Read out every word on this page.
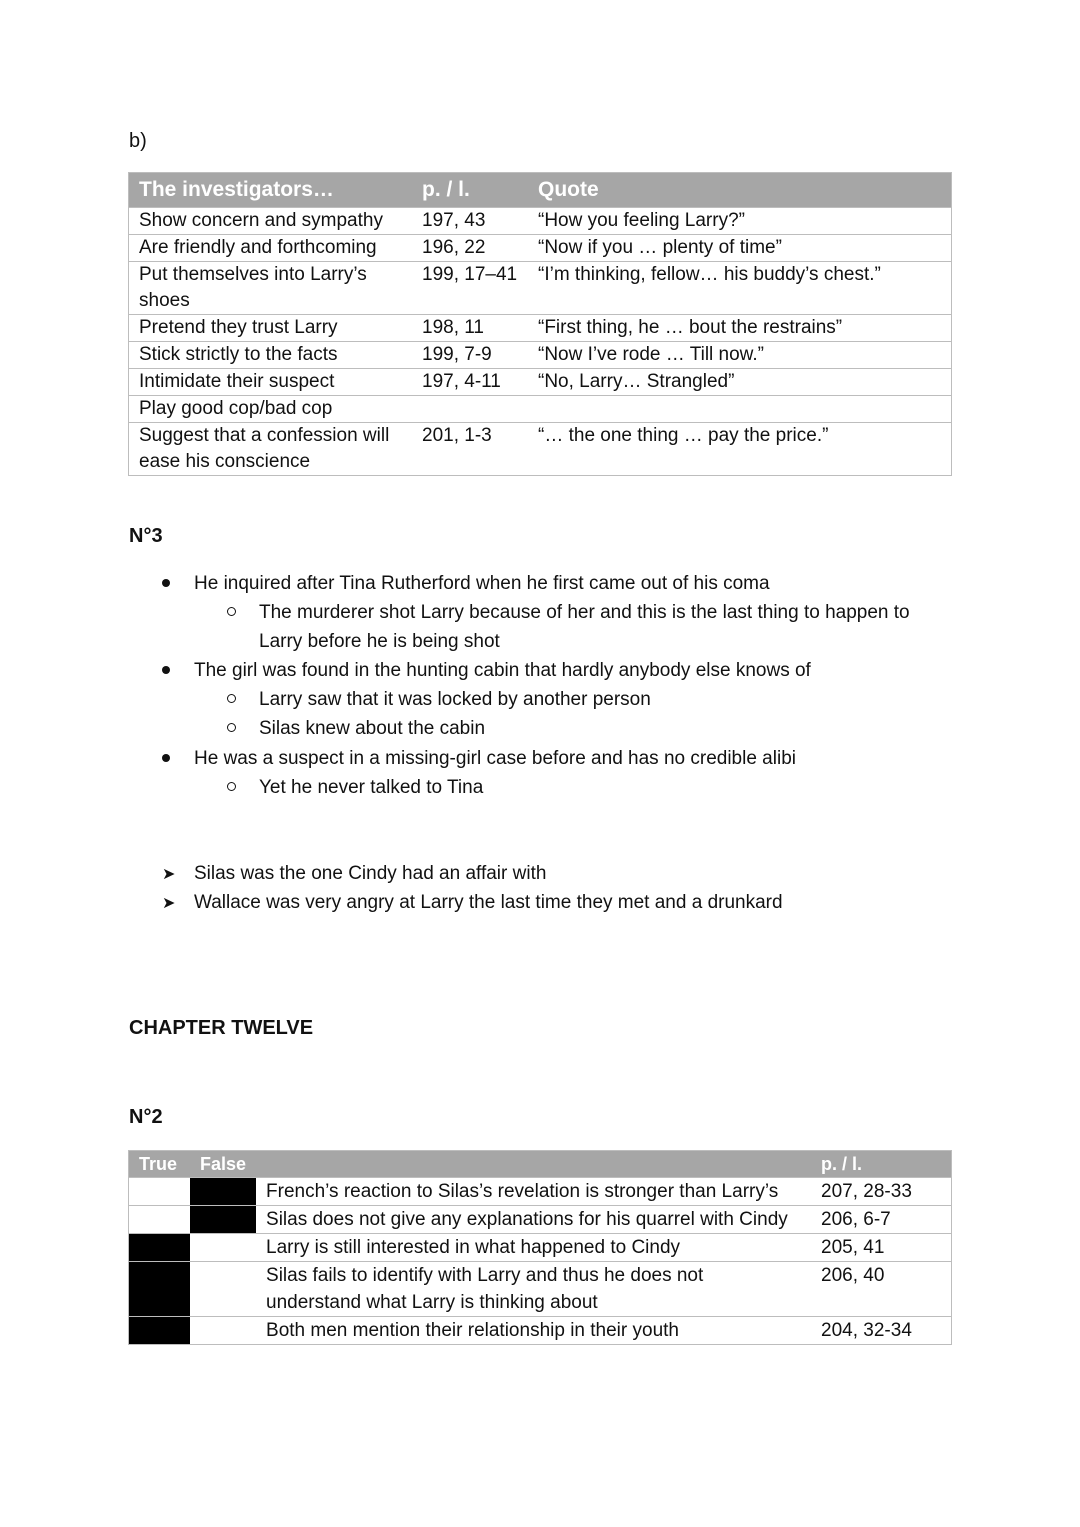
b)
The investigators…	p. / l.	Quote
Show concern and sympathy	197, 43	“How you feeling Larry?”
Are friendly and forthcoming	196, 22	“Now if you … plenty of time”
Put themselves into Larry’s shoes	199, 17–41	“I’m thinking, fellow… his buddy’s chest.”
Pretend they trust Larry	198, 11	“First thing, he … bout the restrains”
Stick strictly to the facts	199, 7-9	“Now I’ve rode … Till now.”
Intimidate their suspect	197, 4-11	“No, Larry… Strangled”
Play good cop/bad cop		
Suggest that a confession will ease his conscience	201, 1-3	“… the one thing … pay the price.”
N°3
He inquired after Tina Rutherford when he first came out of his coma
The murderer shot Larry because of her and this is the last thing to happen to
Larry before he is being shot
The girl was found in the hunting cabin that hardly anybody else knows of
Larry saw that it was locked by another person
Silas knew about the cabin
He was a suspect in a missing-girl case before and has no credible alibi
Yet he never talked to Tina
➤ Silas was the one Cindy had an affair with
➤ Wallace was very angry at Larry the last time they met and a drunkard
CHAPTER TWELVE
N°2
True	False		p. / l.
		French’s reaction to Silas’s revelation is stronger than Larry’s	207, 28-33
		Silas does not give any explanations for his quarrel with Cindy	206, 6-7
		Larry is still interested in what happened to Cindy	205, 41
		Silas fails to identify with Larry and thus he does not understand what Larry is thinking about	206, 40
		Both men mention their relationship in their youth	204, 32-34
